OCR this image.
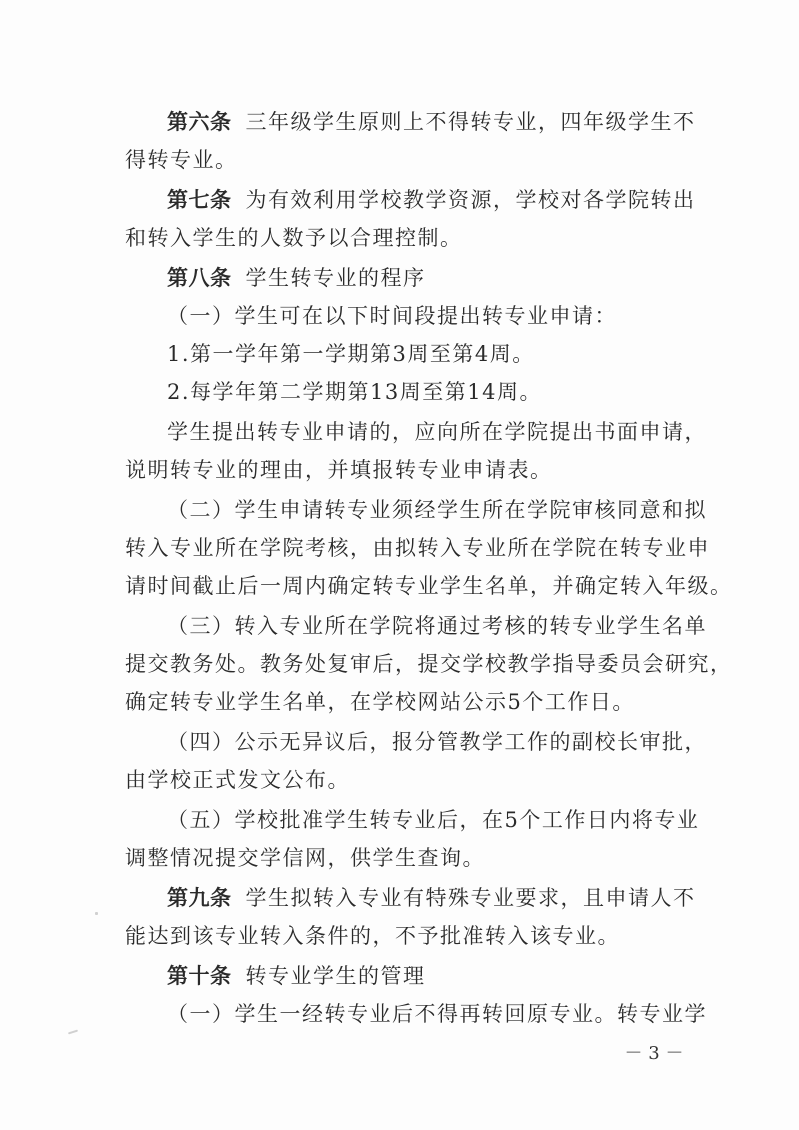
第六条 三年级学生原则上不得转专业，四年级学生不
得转专业。
第七条 为有效利用学校教学资源，学校对各学院转出
和转入学生的人数予以合理控制。
第八条 学生转专业的程序
（一）学生可在以下时间段提出转专业申请：
1.第一学年第一学期第3周至第4周。
2.每学年第二学期第13周至第14周。
学生提出转专业申请的，应向所在学院提出书面申请，
说明转专业的理由，并填报转专业申请表。
（二）学生申请转专业须经学生所在学院审核同意和拟
转入专业所在学院考核，由拟转入专业所在学院在转专业申
请时间截止后一周内确定转专业学生名单，并确定转入年级。
（三）转入专业所在学院将通过考核的转专业学生名单
提交教务处。教务处复审后，提交学校教学指导委员会研究，
确定转专业学生名单，在学校网站公示5个工作日。
（四）公示无异议后，报分管教学工作的副校长审批，
由学校正式发文公布。
（五）学校批准学生转专业后，在5个工作日内将专业
调整情况提交学信网，供学生查询。
第九条 学生拟转入专业有特殊专业要求，且申请人不
能达到该专业转入条件的，不予批准转入该专业。
第十条 转专业学生的管理
（一）学生一经转专业后不得再转回原专业。转专业学
－ 3 －
